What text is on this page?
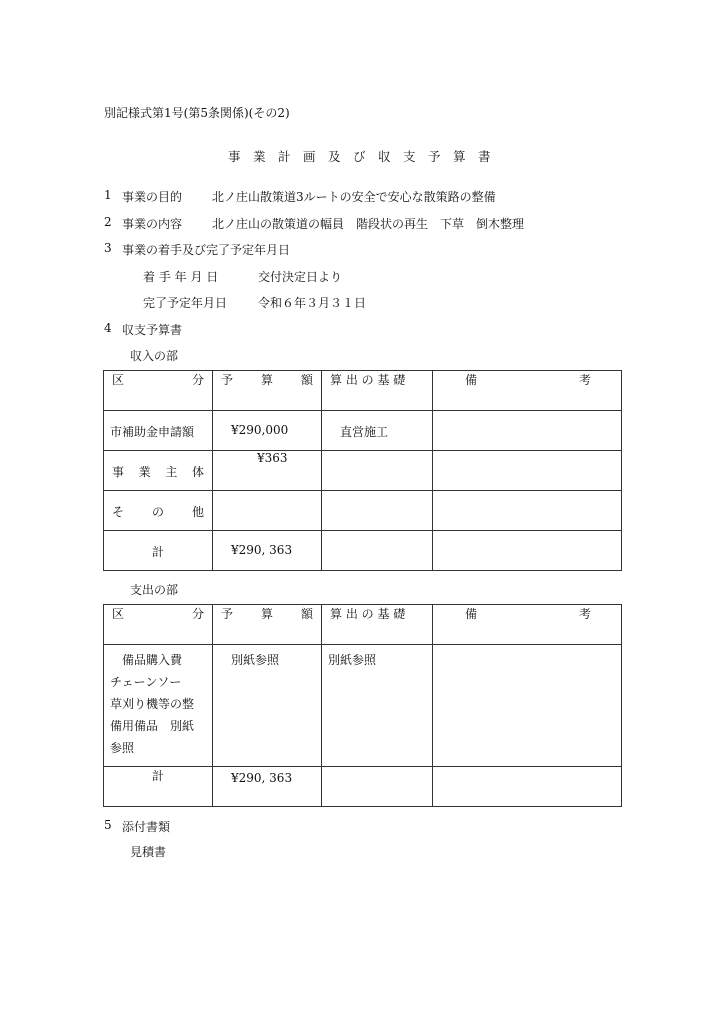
別記様式第1号(第5条関係)(その2)
事　業　計　画　及　び　収　支　予　算　書
1 事業の目的 北ノ庄山散策道3ルートの安全で安心な散策路の整備
2 事業の内容 北ノ庄山の散策道の幅員　階段状の再生　下草　倒木整理
3 事業の着手及び完了予定年月日
着 手 年 月 日	交付決定日より
完了予定年月日	令和６年３月３１日
4 収支予算書
収入の部
区 分	予 算 額	算 出 の 基 礎	備 考

市補助金申請額	¥290,000	直営施工	

事 業 主 体	¥363		

そ の 他			

計	¥290, 363		

支出の部
区 分	予 算 額	算 出 の 基 礎	備 考

　備品購入費
チェーンソー
草刈り機等の整
備用備品　別紙
参照	別紙参照	別紙参照	

計	¥290, 363		

5 添付書類
見積書
